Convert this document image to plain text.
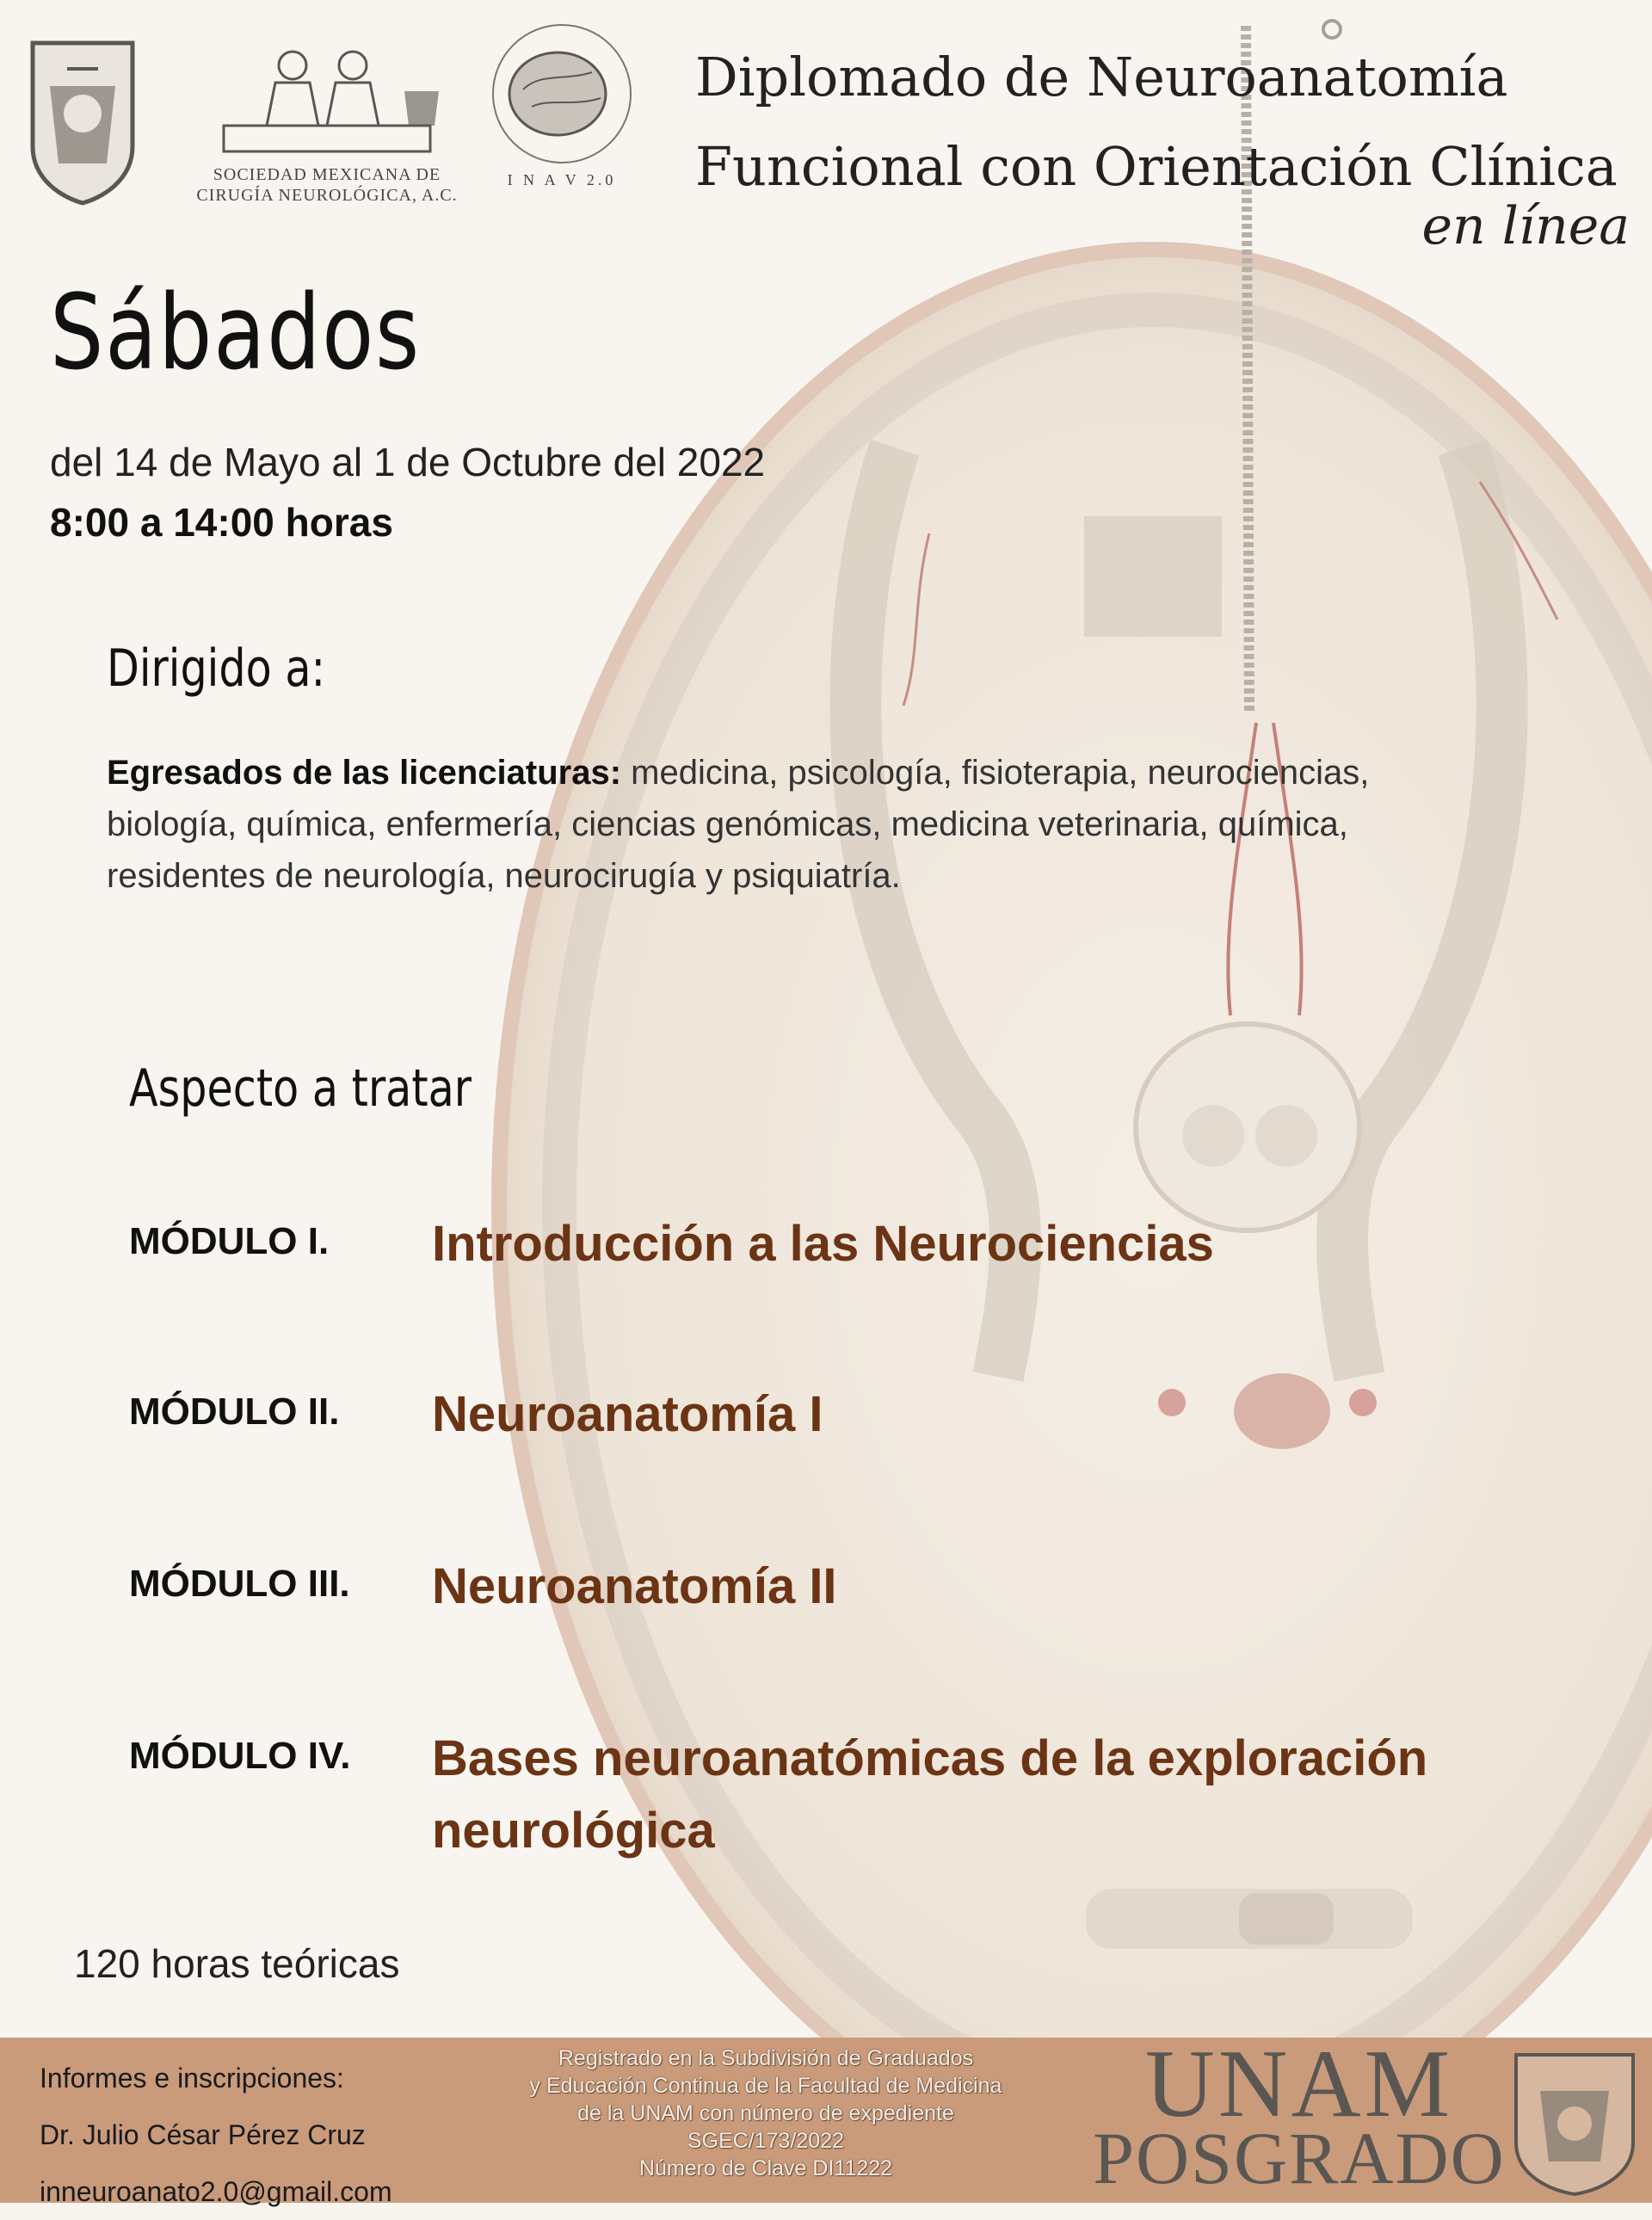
SOCIEDAD MEXICANA DE
CIRUGÍA NEUROLÓGICA, A.C.
I N A V 2.0
Diplomado de Neuroanatomía
Funcional con Orientación Clínica
en línea
Sábados
del 14 de Mayo al 1 de Octubre del 2022
8:00 a 14:00 horas
Dirigido a:
Egresados de las licenciaturas: medicina, psicología, fisioterapia, neurociencias, biología, química, enfermería, ciencias genómicas, medicina veterinaria, química, residentes de neurología, neurocirugía y psiquiatría.
Aspecto a tratar
MÓDULO I. Introducción a las Neurociencias
MÓDULO II. Neuroanatomía I
MÓDULO III. Neuroanatomía II
MÓDULO IV. Bases neuroanatómicas de la exploración neurológica
120 horas teóricas
Informes e inscripciones:
Dr. Julio César Pérez Cruz
inneuroanato2.0@gmail.com
Registrado en la Subdivisión de Graduados
y Educación Continua de la Facultad de Medicina
de la UNAM con número de expediente
SGEC/173/2022
Número de Clave DI11222
UNAM
POSGRADO
